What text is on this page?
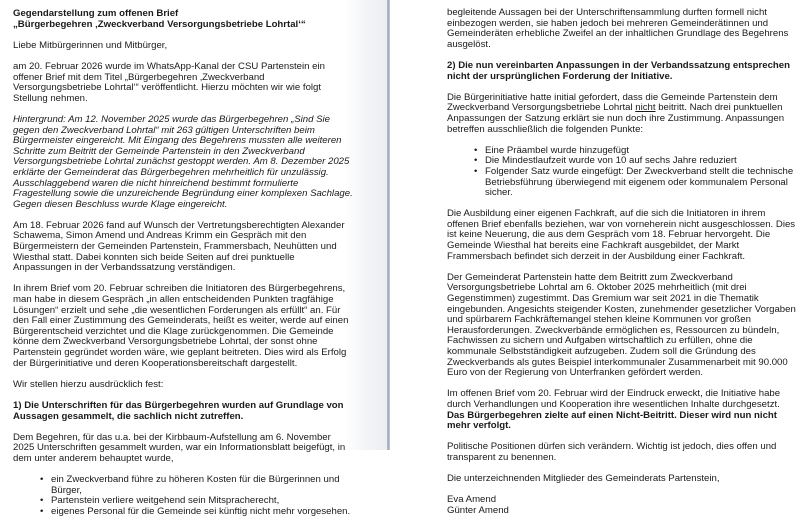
Gegendarstellung zum offenen Brief
„Bürgerbegehren ‚Zweckverband Versorgungsbetriebe Lohrtal‘“

Liebe Mitbürgerinnen und Mitbürger,

am 20. Februar 2026 wurde im WhatsApp-Kanal der CSU Partenstein ein offener Brief mit dem Titel „Bürgerbegehren ‚Zweckverband Versorgungsbetriebe Lohrtal‘“ veröffentlicht. Hierzu möchten wir wie folgt Stellung nehmen.

Hintergrund: Am 12. November 2025 wurde das Bürgerbegehren „Sind Sie gegen den Zweckverband Lohrtal“ mit 263 gültigen Unterschriften beim Bürgermeister eingereicht. Mit Eingang des Begehrens mussten alle weiteren Schritte zum Beitritt der Gemeinde Partenstein in den Zweckverband Versorgungsbetriebe Lohrtal zunächst gestoppt werden. Am 8. Dezember 2025 erklärte der Gemeinderat das Bürgerbegehren mehrheitlich für unzulässig. Ausschlaggebend waren die nicht hinreichend bestimmt formulierte Fragestellung sowie die unzureichende Begründung einer komplexen Sachlage. Gegen diesen Beschluss wurde Klage eingereicht.

Am 18. Februar 2026 fand auf Wunsch der Vertretungsberechtigten Alexander Schawema, Simon Amend und Andreas Krimm ein Gespräch mit den Bürgermeistern der Gemeinden Partenstein, Frammersbach, Neuhütten und Wiesthal statt. Dabei konnten sich beide Seiten auf drei punktuelle Anpassungen in der Verbandssatzung verständigen.

In ihrem Brief vom 20. Februar schreiben die Initiatoren des Bürgerbegehrens, man habe in diesem Gespräch „in allen entscheidenden Punkten tragfähige Lösungen“ erzielt und sehe „die wesentlichen Forderungen als erfüllt“ an. Für den Fall einer Zustimmung des Gemeinderats, heißt es weiter, werde auf einen Bürgerentscheid verzichtet und die Klage zurückgenommen. Die Gemeinde könne dem Zweckverband Versorgungsbetriebe Lohrtal, der sonst ohne Partenstein gegründet worden wäre, wie geplant beitreten. Dies wird als Erfolg der Bürgerinitiative und deren Kooperationsbereitschaft dargestellt.

Wir stellen hierzu ausdrücklich fest:

1) Die Unterschriften für das Bürgerbegehren wurden auf Grundlage von Aussagen gesammelt, die sachlich nicht zutreffen.

Dem Begehren, für das u.a. bei der Kirbbaum-Aufstellung am 6. November 2025 Unterschriften gesammelt wurden, war ein Informationsblatt beigefügt, in dem unter anderem behauptet wurde,

• ein Zweckverband führe zu höheren Kosten für die Bürgerinnen und Bürger,
• Partenstein verliere weitgehend sein Mitspracherecht,
• eigenes Personal für die Gemeinde sei künftig nicht mehr vorgesehen.

begleitende Aussagen bei der Unterschriftensammlung durften formell nicht einbezogen werden, sie haben jedoch bei mehreren Gemeinderätinnen und Gemeinderäten erhebliche Zweifel an der inhaltlichen Grundlage des Begehrens ausgelöst.

2) Die nun vereinbarten Anpassungen in der Verbandssatzung entsprechen nicht der ursprünglichen Forderung der Initiative.

Die Bürgerinitiative hatte initial gefordert, dass die Gemeinde Partenstein dem Zweckverband Versorgungsbetriebe Lohrtal nicht beitritt. Nach drei punktuellen Anpassungen der Satzung erklärt sie nun doch ihre Zustimmung. Anpassungen betreffen ausschließlich die folgenden Punkte:

• Eine Präambel wurde hinzugefügt
• Die Mindestlaufzeit wurde von 10 auf sechs Jahre reduziert
• Folgender Satz wurde eingefügt: Der Zweckverband stellt die technische Betriebsführung überwiegend mit eigenem oder kommunalem Personal sicher.

Die Ausbildung einer eigenen Fachkraft, auf die sich die Initiatoren in ihrem offenen Brief ebenfalls beziehen, war von vorneherein nicht ausgeschlossen. Dies ist keine Neuerung, die aus dem Gespräch vom 18. Februar hervorgeht. Die Gemeinde Wiesthal hat bereits eine Fachkraft ausgebildet, der Markt Frammersbach befindet sich derzeit in der Ausbildung einer Fachkraft.

Der Gemeinderat Partenstein hatte dem Beitritt zum Zweckverband Versorgungsbetriebe Lohrtal am 6. Oktober 2025 mehrheitlich (mit drei Gegenstimmen) zugestimmt. Das Gremium war seit 2021 in die Thematik eingebunden. Angesichts steigender Kosten, zunehmender gesetzlicher Vorgaben und spürbarem Fachkräftemangel stehen kleine Kommunen vor großen Herausforderungen. Zweckverbände ermöglichen es, Ressourcen zu bündeln, Fachwissen zu sichern und Aufgaben wirtschaftlich zu erfüllen, ohne die kommunale Selbstständigkeit aufzugeben. Zudem soll die Gründung des Zweckverbands als gutes Beispiel interkommunaler Zusammenarbeit mit 90.000 Euro von der Regierung von Unterfranken gefördert werden.

Im offenen Brief vom 20. Februar wird der Eindruck erweckt, die Initiative habe durch Verhandlungen und Kooperation ihre wesentlichen Inhalte durchgesetzt. Das Bürgerbegehren zielte auf einen Nicht-Beitritt. Dieser wird nun nicht mehr verfolgt.

Politische Positionen dürfen sich verändern. Wichtig ist jedoch, dies offen und transparent zu benennen.

Die unterzeichnenden Mitglieder des Gemeinderats Partenstein,

Eva Amend
Günter Amend
